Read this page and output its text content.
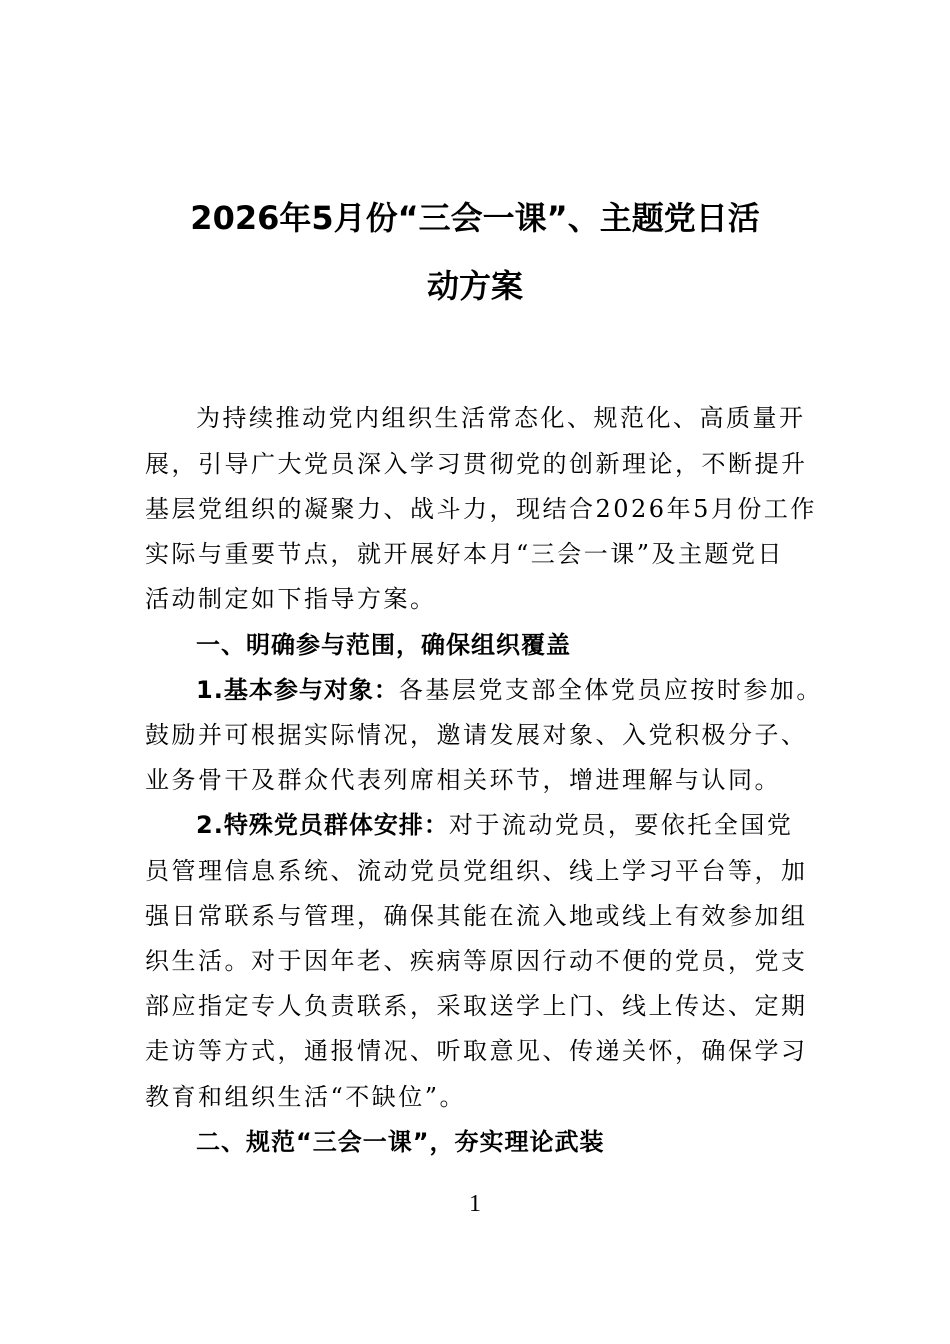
2026年5月份“三会一课”、主题党日活
动方案
为持续推动党内组织生活常态化、规范化、高质量开
展，引导广大党员深入学习贯彻党的创新理论，不断提升
基层党组织的凝聚力、战斗力，现结合2026年5月份工作
实际与重要节点，就开展好本月“三会一课”及主题党日
活动制定如下指导方案。
一、明确参与范围，确保组织覆盖
1.基本参与对象：各基层党支部全体党员应按时参加。
鼓励并可根据实际情况，邀请发展对象、入党积极分子、
业务骨干及群众代表列席相关环节，增进理解与认同。
2.特殊党员群体安排：对于流动党员，要依托全国党
员管理信息系统、流动党员党组织、线上学习平台等，加
强日常联系与管理，确保其能在流入地或线上有效参加组
织生活。对于因年老、疾病等原因行动不便的党员，党支
部应指定专人负责联系，采取送学上门、线上传达、定期
走访等方式，通报情况、听取意见、传递关怀，确保学习
教育和组织生活“不缺位”。
二、规范“三会一课”，夯实理论武装
1
